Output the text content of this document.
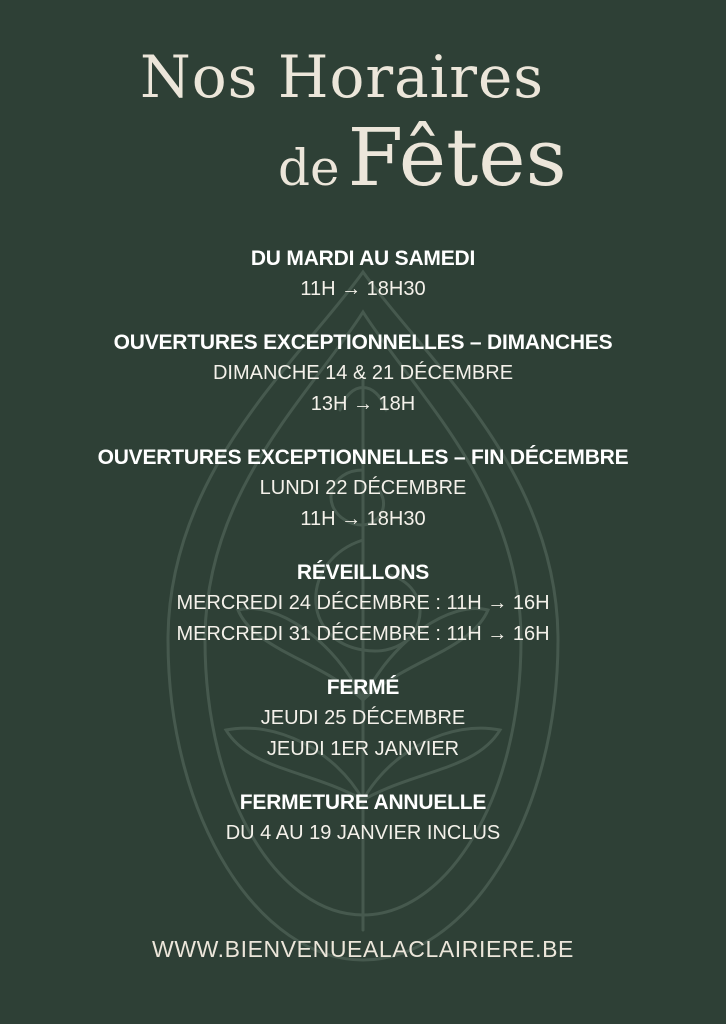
Nos Horaires
de Fêtes
DU MARDI AU SAMEDI
11H → 18H30
OUVERTURES EXCEPTIONNELLES – DIMANCHES
DIMANCHE 14 & 21 DÉCEMBRE
13H → 18H
OUVERTURES EXCEPTIONNELLES – FIN DÉCEMBRE
LUNDI 22 DÉCEMBRE
11H → 18H30
RÉVEILLONS
MERCREDI 24 DÉCEMBRE : 11H → 16H
MERCREDI 31 DÉCEMBRE : 11H → 16H
FERMÉ
JEUDI 25 DÉCEMBRE
JEUDI 1ER JANVIER
FERMETURE ANNUELLE
DU 4 AU 19 JANVIER INCLUS
WWW.BIENVENUEALACLAIRIERE.BE
